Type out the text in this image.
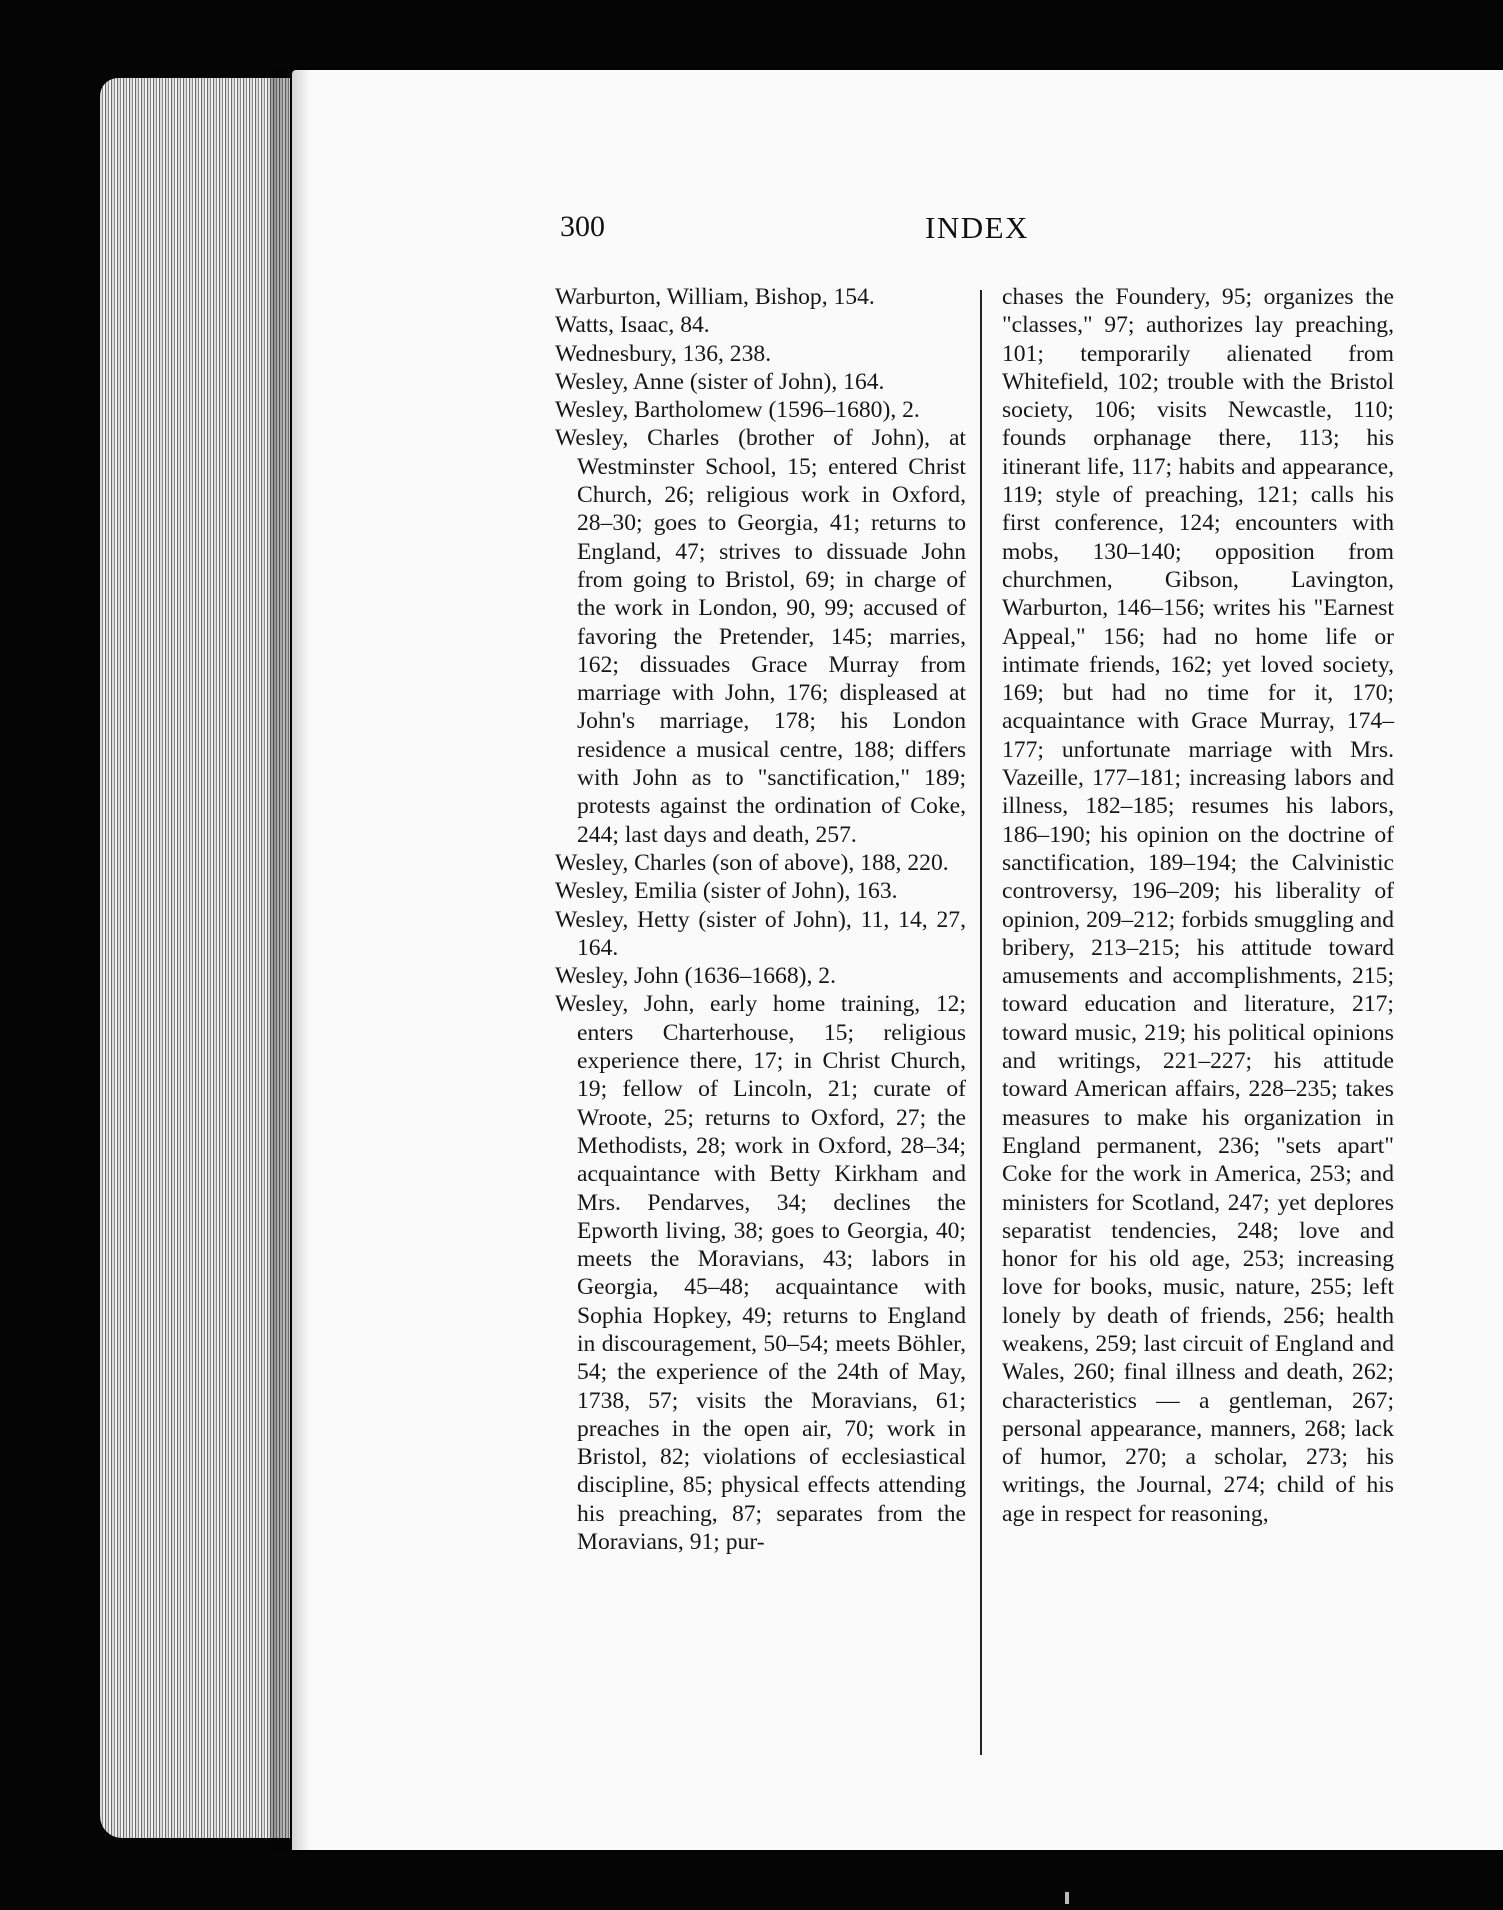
300	INDEX

Warburton, William, Bishop, 154.

Watts, Isaac, 84.

Wednesbury, 136, 238.

Wesley, Anne (sister of John), 164.

Wesley, Bartholomew (1596–1680), 2.

Wesley, Charles (brother of John), at Westminster School, 15; entered Christ Church, 26; religious work in Oxford, 28–30; goes to Georgia, 41; returns to England, 47; strives to dissuade John from going to Bristol, 69; in charge of the work in London, 90, 99; accused of favoring the Pretender, 145; marries, 162; dissuades Grace Murray from marriage with John, 176; displeased at John's marriage, 178; his London residence a musical centre, 188; differs with John as to "sanctification," 189; protests against the ordination of Coke, 244; last days and death, 257.

Wesley, Charles (son of above), 188, 220.

Wesley, Emilia (sister of John), 163.

Wesley, Hetty (sister of John), 11, 14, 27, 164.

Wesley, John (1636–1668), 2.

Wesley, John, early home training, 12; enters Charterhouse, 15; religious experience there, 17; in Christ Church, 19; fellow of Lincoln, 21; curate of Wroote, 25; returns to Oxford, 27; the Methodists, 28; work in Oxford, 28–34; acquaintance with Betty Kirkham and Mrs. Pendarves, 34; declines the Epworth living, 38; goes to Georgia, 40; meets the Moravians, 43; labors in Georgia, 45–48; acquaintance with Sophia Hopkey, 49; returns to England in discouragement, 50–54; meets Böhler, 54; the experience of the 24th of May, 1738, 57; visits the Moravians, 61; preaches in the open air, 70; work in Bristol, 82; violations of ecclesiastical discipline, 85; physical effects attending his preaching, 87; separates from the Moravians, 91; pur-

chases the Foundery, 95; organizes the "classes," 97; authorizes lay preaching, 101; temporarily alienated from Whitefield, 102; trouble with the Bristol society, 106; visits Newcastle, 110; founds orphanage there, 113; his itinerant life, 117; habits and appearance, 119; style of preaching, 121; calls his first conference, 124; encounters with mobs, 130–140; opposition from churchmen, Gibson, Lavington, Warburton, 146–156; writes his "Earnest Appeal," 156; had no home life or intimate friends, 162; yet loved society, 169; but had no time for it, 170; acquaintance with Grace Murray, 174–177; unfortunate marriage with Mrs. Vazeille, 177–181; increasing labors and illness, 182–185; resumes his labors, 186–190; his opinion on the doctrine of sanctification, 189–194; the Calvinistic controversy, 196–209; his liberality of opinion, 209–212; forbids smuggling and bribery, 213–215; his attitude toward amusements and accomplishments, 215; toward education and literature, 217; toward music, 219; his political opinions and writings, 221–227; his attitude toward American affairs, 228–235; takes measures to make his organization in England permanent, 236; "sets apart" Coke for the work in America, 253; and ministers for Scotland, 247; yet deplores separatist tendencies, 248; love and honor for his old age, 253; increasing love for books, music, nature, 255; left lonely by death of friends, 256; health weakens, 259; last circuit of England and Wales, 260; final illness and death, 262; characteristics — a gentleman, 267; personal appearance, manners, 268; lack of humor, 270; a scholar, 273; his writings, the Journal, 274; child of his age in respect for reasoning,
